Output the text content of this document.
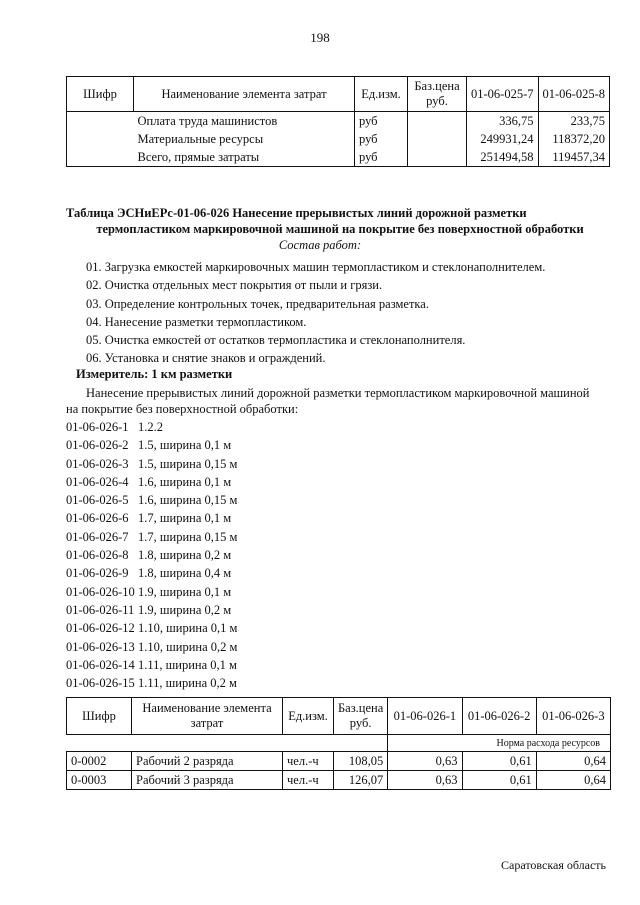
198
Шифр	Наименование элемента затрат	Ед.изм.	Баз.цена руб.	01-06-025-7	01-06-025-8
	Оплата труда машинистов	руб		336,75	233,75
	Материальные ресурсы	руб		249931,24	118372,20
	Всего, прямые затраты	руб		251494,58	119457,34
Таблица ЭСНиЕРс-01-06-026 Нанесение прерывистых линий дорожной разметки
термопластиком маркировочной машиной на покрытие без поверхностной обработки
Состав работ:
01. Загрузка емкостей маркировочных машин термопластиком и стеклонаполнителем.
02. Очистка отдельных мест покрытия от пыли и грязи.
03. Определение контрольных точек, предварительная разметка.
04. Нанесение разметки термопластиком.
05. Очистка емкостей от остатков термопластика и стеклонаполнителя.
06. Установка и снятие знаков и ограждений.
Измеритель: 1 км разметки
Нанесение прерывистых линий дорожной разметки термопластиком маркировочной машиной
на покрытие без поверхностной обработки:
01-06-026-1 1.2.2
01-06-026-2 1.5, ширина 0,1 м
01-06-026-3 1.5, ширина 0,15 м
01-06-026-4 1.6, ширина 0,1 м
01-06-026-5 1.6, ширина 0,15 м
01-06-026-6 1.7, ширина 0,1 м
01-06-026-7 1.7, ширина 0,15 м
01-06-026-8 1.8, ширина 0,2 м
01-06-026-9 1.8, ширина 0,4 м
01-06-026-10 1.9, ширина 0,1 м
01-06-026-11 1.9, ширина 0,2 м
01-06-026-12 1.10, ширина 0,1 м
01-06-026-13 1.10, ширина 0,2 м
01-06-026-14 1.11, ширина 0,1 м
01-06-026-15 1.11, ширина 0,2 м
Шифр	Наименование элемента затрат	Ед.изм.	Баз.цена руб.	01-06-026-1	01-06-026-2	01-06-026-3
				Норма расхода ресурсов		
0-0002	Рабочий 2 разряда	чел.-ч	108,05	0,63	0,61	0,64
0-0003	Рабочий 3 разряда	чел.-ч	126,07	0,63	0,61	0,64
Саратовская область
